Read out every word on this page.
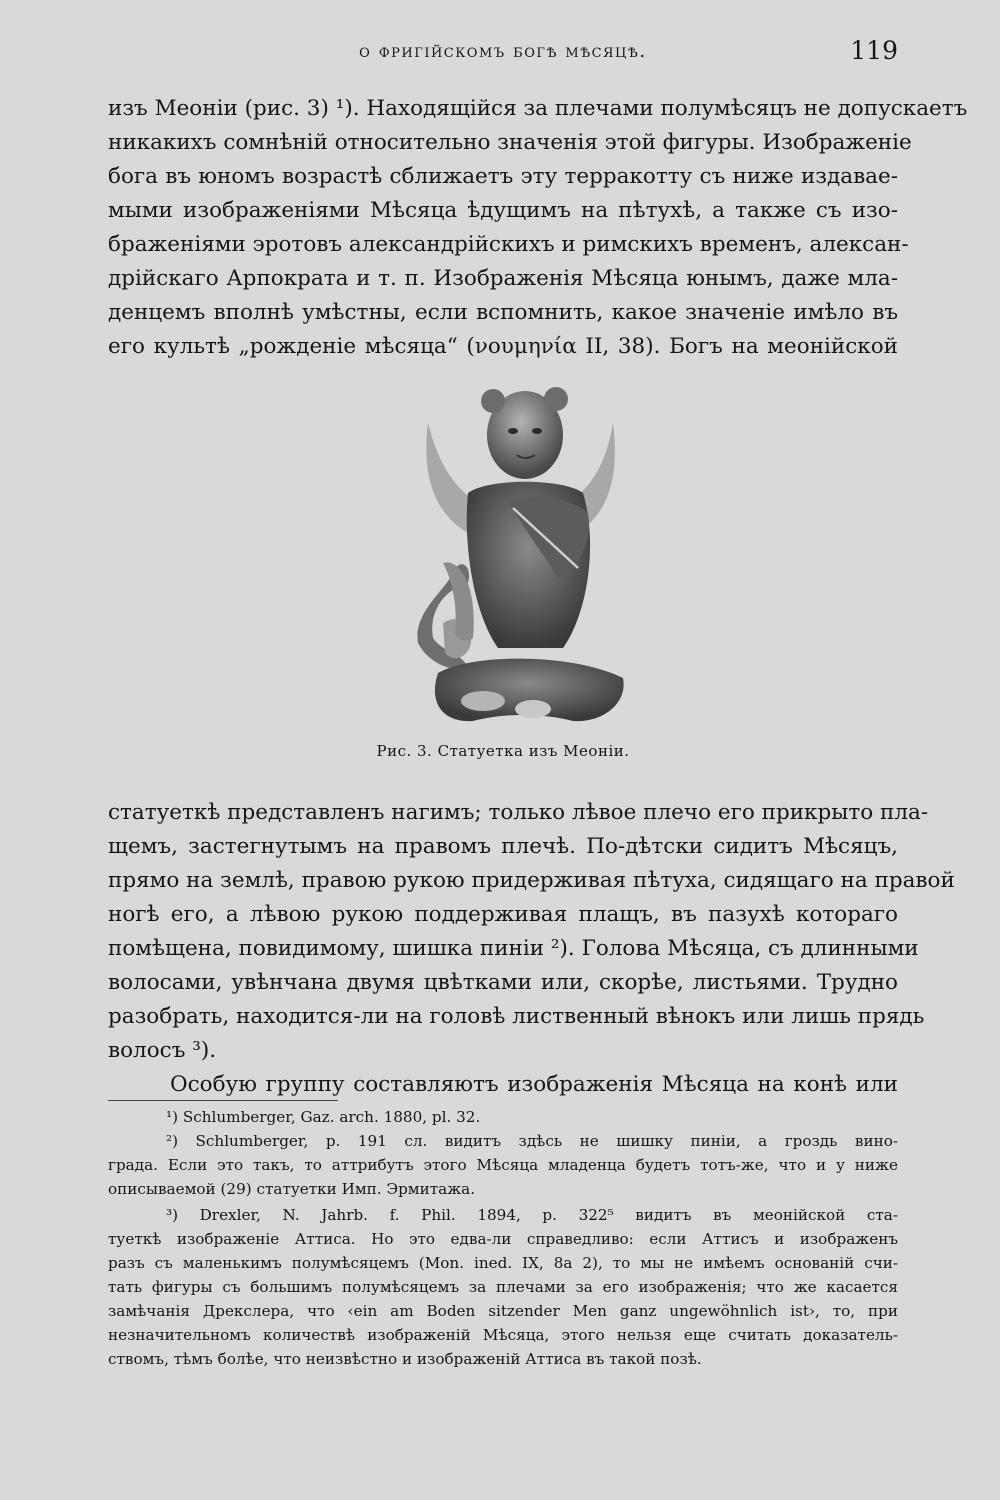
о фригійскомъ богѣ мѣсяцѣ.	119
изъ Меоніи (рис. 3) ¹). Находящійся за плечами полумѣсяцъ не допускаетъ
никакихъ сомнѣній относительно значенія этой фигуры. Изображеніе
бога въ юномъ возрастѣ сближаетъ эту терракотту съ ниже издавае-
мыми изображеніями Мѣсяца ѣдущимъ на пѣтухѣ, а также съ изо-
браженіями эротовъ александрійскихъ и римскихъ временъ, алексан-
дрійскаго Арпократа и т. п. Изображенія Мѣсяца юнымъ, даже мла-
денцемъ вполнѣ умѣстны, если вспомнить, какое значеніе имѣло въ
его культѣ „рожденіе мѣсяца“ (νουμηνία II, 38). Богъ на меонійской
Рис. 3. Статуетка изъ Меоніи.
статуеткѣ представленъ нагимъ; только лѣвое плечо его прикрыто пла-
щемъ, застегнутымъ на правомъ плечѣ. По-дѣтски сидитъ Мѣсяцъ,
прямо на землѣ, правою рукою придерживая пѣтуха, сидящаго на правой
ногѣ его, а лѣвою рукою поддерживая плащъ, въ пазухѣ котораго
помѣщена, повидимому, шишка пиніи ²). Голова Мѣсяца, съ длинными
волосами, увѣнчана двумя цвѣтками или, скорѣе, листьями. Трудно
разобрать, находится-ли на головѣ лиственный вѣнокъ или лишь прядь
волосъ ³).
Особую группу составляютъ изображенія Мѣсяца на конѣ или
¹) Schlumberger, Gaz. arch. 1880, pl. 32.
²) Schlumberger, p. 191 сл. видитъ здѣсь не шишку пиніи, а гроздь вино-
града. Если это такъ, то аттрибутъ этого Мѣсяца младенца будетъ тотъ-же, что и у ниже
описываемой (29) статуетки Имп. Эрмитажа.
³) Drexler, N. Jahrb. f. Phil. 1894, p. 322⁵ видитъ въ меонійской ста-
туеткѣ изображеніе Аттиса. Но это едва-ли справедливо: если Аттисъ и изображенъ
разъ съ маленькимъ полумѣсяцемъ (Mon. ined. IX, 8a 2), то мы не имѣемъ основаній счи-
тать фигуры съ большимъ полумѣсяцемъ за плечами за его изображенія; что же касается
замѣчанія Дрекслера, что ‹ein am Boden sitzender Men ganz ungewöhnlich ist›, то, при
незначительномъ количествѣ изображеній Мѣсяца, этого нельзя еще считать доказатель-
ствомъ, тѣмъ болѣе, что неизвѣстно и изображеній Аттиса въ такой позѣ.
